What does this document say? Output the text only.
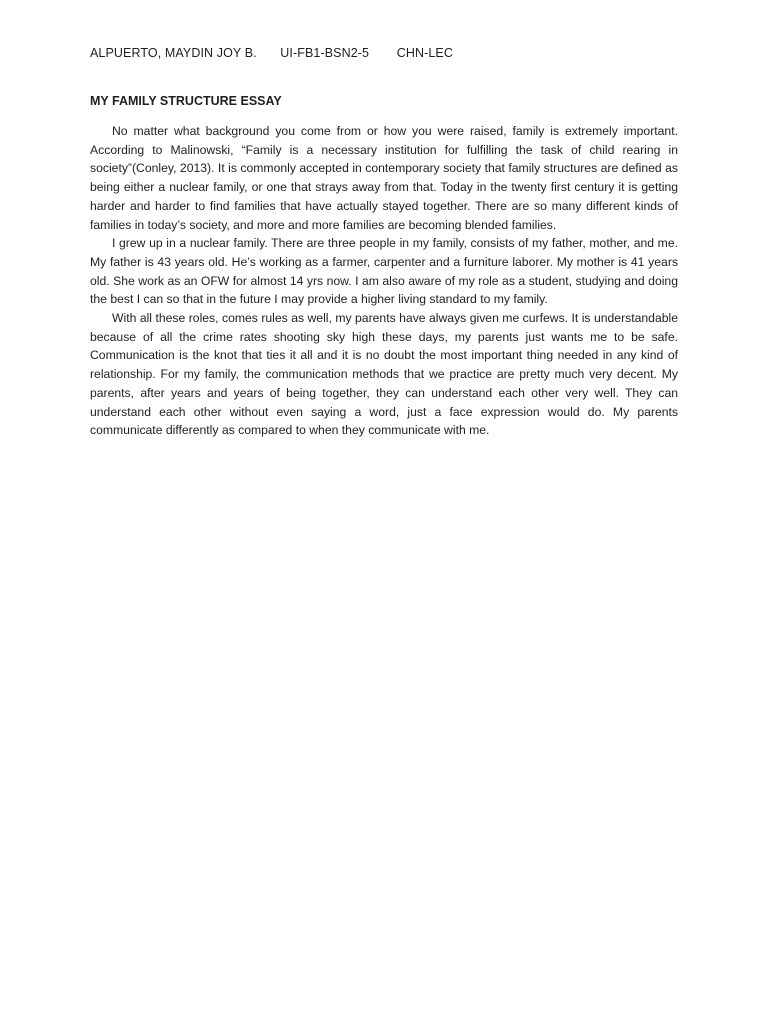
ALPUERTO, MAYDIN JOY B. UI-FB1-BSN2-5 CHN-LEC
MY FAMILY STRUCTURE ESSAY

No matter what background you come from or how you were raised, family is extremely important. According to Malinowski, “Family is a necessary institution for fulfilling the task of child rearing in society”(Conley, 2013). It is commonly accepted in contemporary society that family structures are defined as being either a nuclear family, or one that strays away from that. Today in the twenty first century it is getting harder and harder to find families that have actually stayed together. There are so many different kinds of families in today’s society, and more and more families are becoming blended families.

I grew up in a nuclear family. There are three people in my family, consists of my father, mother, and me. My father is 43 years old. He’s working as a farmer, carpenter and a furniture laborer. My mother is 41 years old. She work as an OFW for almost 14 yrs now. I am also aware of my role as a student, studying and doing the best I can so that in the future I may provide a higher living standard to my family.

With all these roles, comes rules as well, my parents have always given me curfews. It is understandable because of all the crime rates shooting sky high these days, my parents just wants me to be safe. Communication is the knot that ties it all and it is no doubt the most important thing needed in any kind of relationship. For my family, the communication methods that we practice are pretty much very decent. My parents, after years and years of being together, they can understand each other very well. They can understand each other without even saying a word, just a face expression would do. My parents communicate differently as compared to when they communicate with me.
